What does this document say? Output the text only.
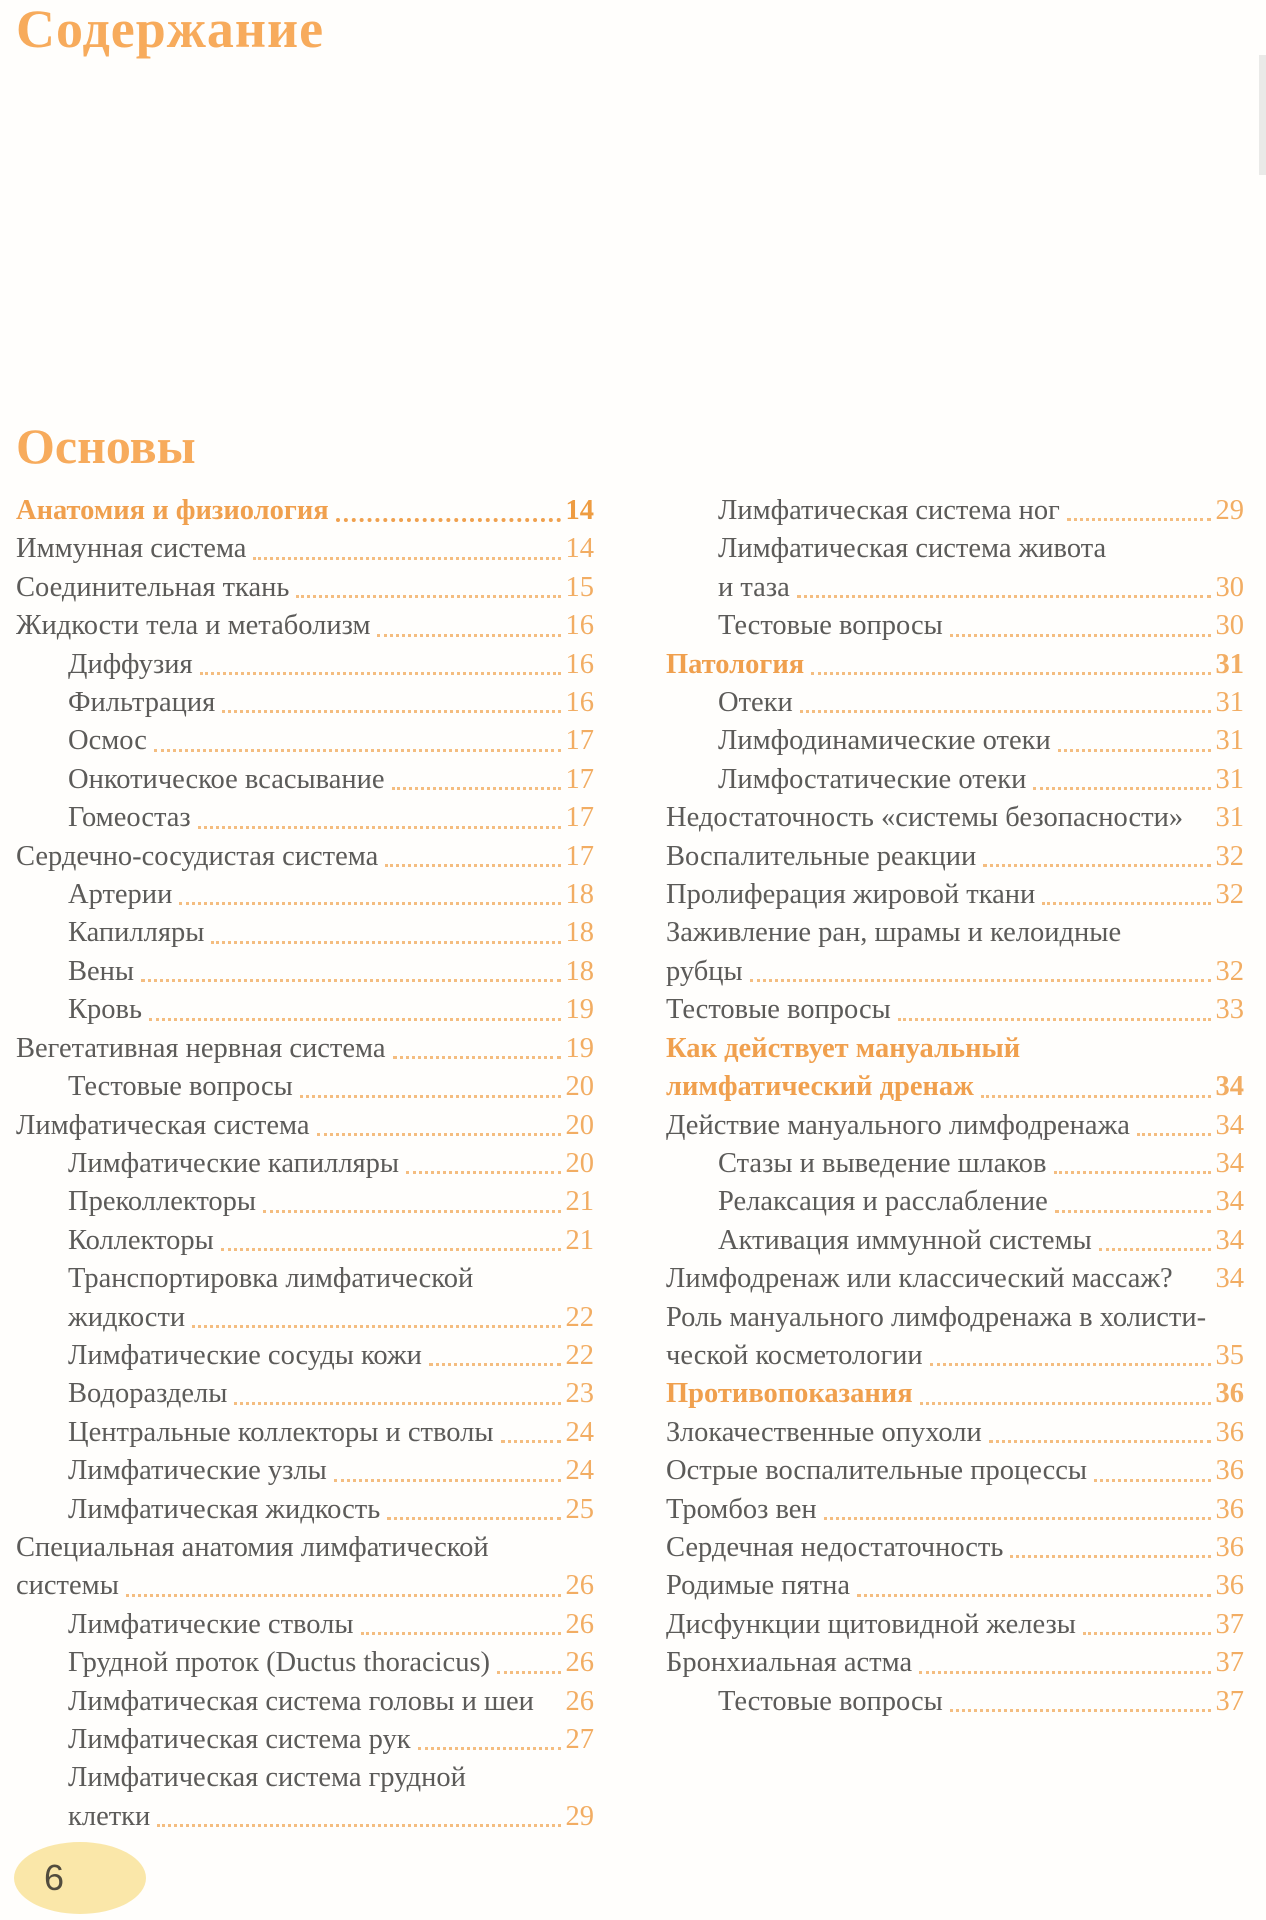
Содержание
Основы
Анатомия и физиология	14
Иммунная система	14
Соединительная ткань	15
Жидкости тела и метаболизм	16
Диффузия	16
Фильтрация	16
Осмос	17
Онкотическое всасывание	17
Гомеостаз	17
Сердечно-сосудистая система	17
Артерии	18
Капилляры	18
Вены	18
Кровь	19
Вегетативная нервная система	19
Тестовые вопросы	20
Лимфатическая система	20
Лимфатические капилляры	20
Преколлекторы	21
Коллекторы	21
Транспортировка лимфатической
жидкости	22
Лимфатические сосуды кожи	22
Водоразделы	23
Центральные коллекторы и стволы	24
Лимфатические узлы	24
Лимфатическая жидкость	25
Специальная анатомия лимфатической
системы	26
Лимфатические стволы	26
Грудной проток (Ductus thoracicus)	26
Лимфатическая система головы и шеи 26
Лимфатическая система рук	27
Лимфатическая система грудной
клетки	29
Лимфатическая система ног	29
Лимфатическая система живота
и таза	30
Тестовые вопросы	30
Патология	31
Отеки	31
Лимфодинамические отеки	31
Лимфостатические отеки	31
Недостаточность «системы безопасности» 31
Воспалительные реакции	32
Пролиферация жировой ткани	32
Заживление ран, шрамы и келоидные
рубцы	32
Тестовые вопросы	33
Как действует мануальный
лимфатический дренаж	34
Действие мануального лимфодренажа	34
Стазы и выведение шлаков	34
Релаксация и расслабление	34
Активация иммунной системы	34
Лимфодренаж или классический массаж? 34
Роль мануального лимфодренажа в холисти-
ческой косметологии	35
Противопоказания	36
Злокачественные опухоли	36
Острые воспалительные процессы	36
Тромбоз вен	36
Сердечная недостаточность	36
Родимые пятна	36
Дисфункции щитовидной железы	37
Бронхиальная астма	37
Тестовые вопросы	37
6
